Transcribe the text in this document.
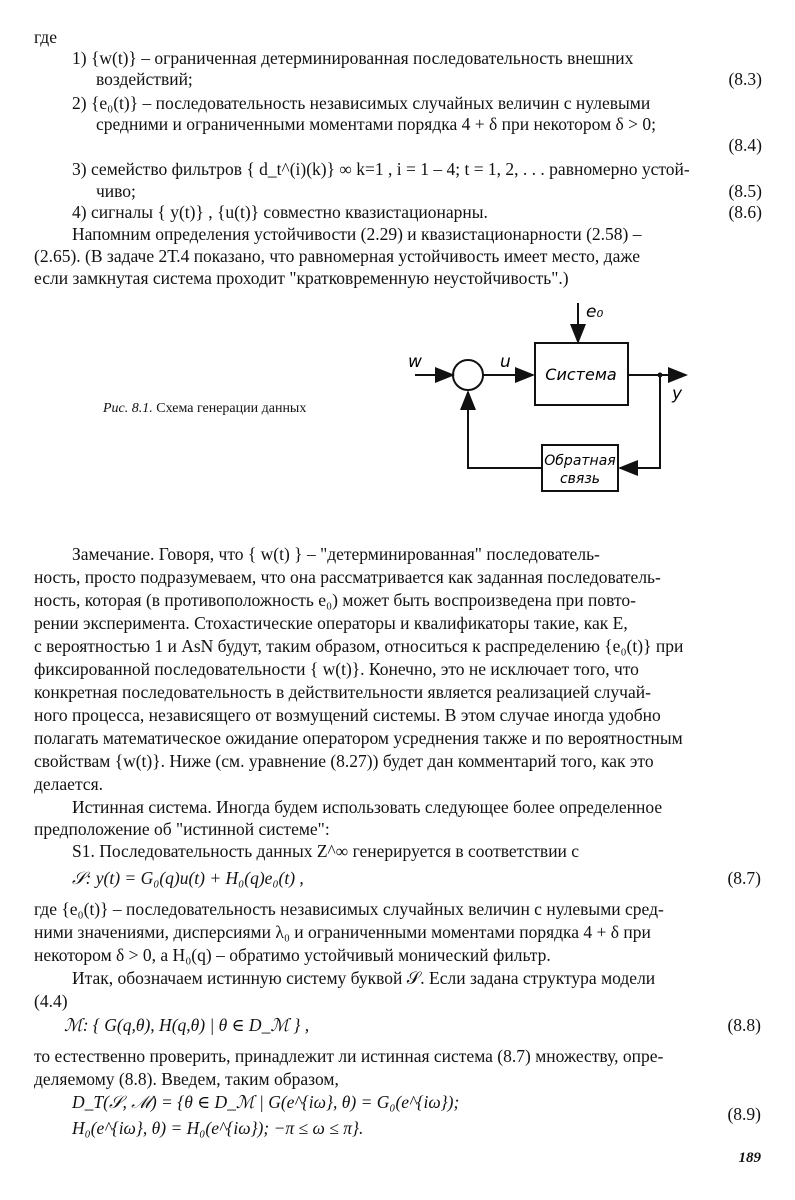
где
1) {w(t)} – ограниченная детерминированная последовательность внешних
воздействий;	(8.3)
2) {e₀(t)} – последовательность независимых случайных величин с нулевыми
средними и ограниченными моментами порядка 4 + δ при некотором δ > 0;
(8.4)
3) семейство фильтров { d_t^(i)(k)} ∞ k=1 , i = 1 – 4; t = 1, 2, . . . равномерно устой-
чиво;	(8.5)
4) сигналы { y(t)} , {u(t)} совместно квазистационарны.	(8.6)
Напомним определения устойчивости (2.29) и квазистационарности (2.58) –
(2.65). (В задаче 2Т.4 показано, что равномерная устойчивость имеет место, даже
если замкнутая система проходит "кратковременную неустойчивость".)
e₀
w	u
Система
y
Обратная
связь
Рис. 8.1. Схема генерации данных
Замечание. Говоря, что { w(t) } – "детерминированная" последователь-
ность, просто подразумеваем, что она рассматривается как заданная последователь-
ность, которая (в противоположность e₀) может быть воспроизведена при повто-
рении эксперимента. Стохастические операторы и квалификаторы такие, как E,
с вероятностью 1 и AsN будут, таким образом, относиться к распределению {e₀(t)} при
фиксированной последовательности { w(t)}. Конечно, это не исключает того, что
конкретная последовательность в действительности является реализацией случай-
ного процесса, независящего от возмущений системы. В этом случае иногда удобно
полагать математическое ожидание оператором усреднения также и по вероятностным
свойствам {w(t)}. Ниже (см. уравнение (8.27)) будет дан комментарий того, как это
делается.
Истинная система. Иногда будем использовать следующее более определенное
предположение об "истинной системе":
S1. Последовательность данных Z^∞ генерируется в соответствии с
𝒮: y(t) = G₀(q)u(t) + H₀(q)e₀(t) ,	(8.7)
где {e₀(t)} – последовательность независимых случайных величин с нулевыми сред-
ними значениями, дисперсиями λ₀ и ограниченными моментами порядка 4 + δ при
некотором δ > 0, а H₀(q) – обратимо устойчивый монический фильтр.
Итак, обозначаем истинную систему буквой 𝒮. Если задана структура модели
(4.4)
ℳ: { G(q,θ), H(q,θ) | θ ∈ D_ℳ } ,	(8.8)
то естественно проверить, принадлежит ли истинная система (8.7) множеству, опре-
деляемому (8.8). Введем, таким образом,
D_T(𝒮, ℳ) = {θ ∈ D_ℳ | G(e^{iω}, θ) = G₀(e^{iω});
H₀(e^{iω}, θ) = H₀(e^{iω}); −π ≤ ω ≤ π}.
(8.9)
189
